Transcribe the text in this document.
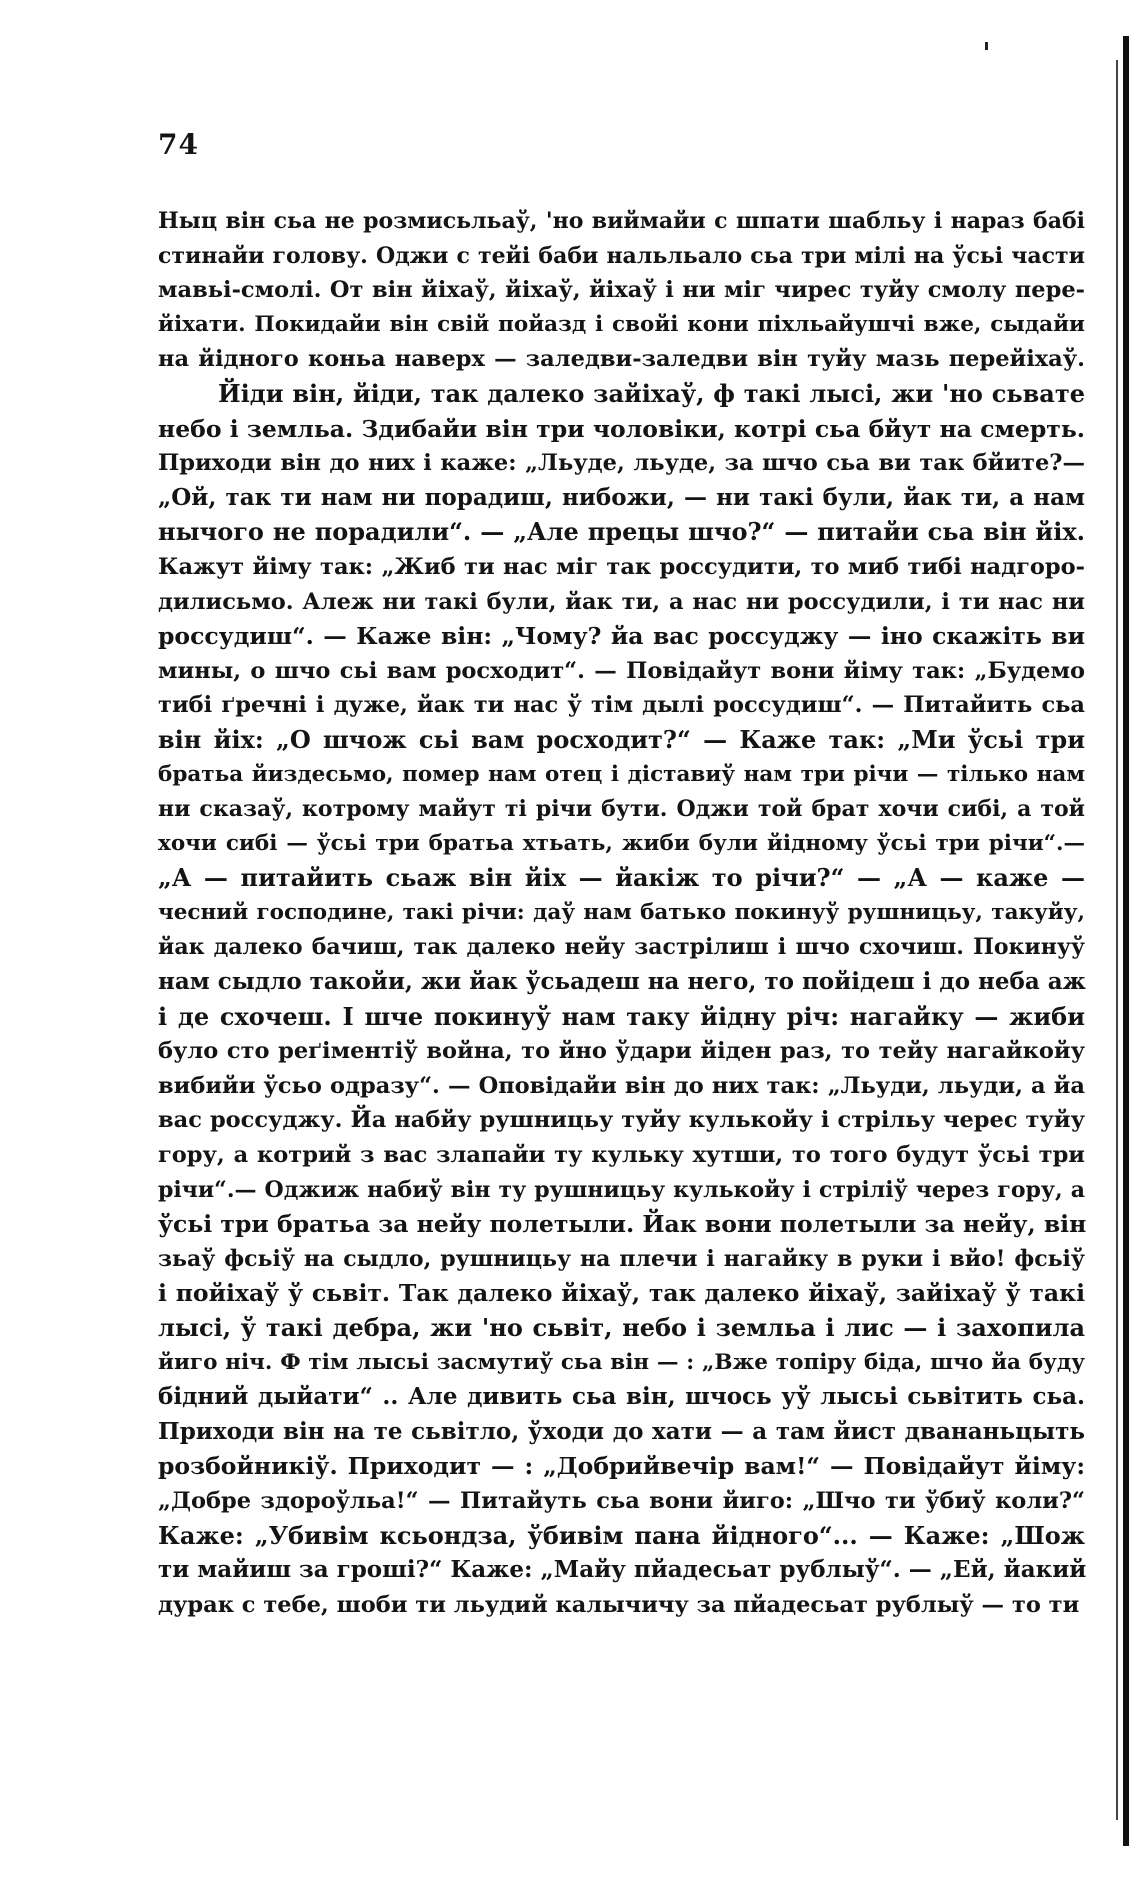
74
Ныц він сьа не розмисьльаў, 'но виймайи с шпати шабльу і нараз бабі
стинайи голову. Оджи с тейі баби нальльало сьа три мілі на ўсьі части
мавьі-смолі. От він йіхаў, йіхаў, йіхаў і ни міг чирес туйу смолу пере-
йіхати. Покидайи він свій пойазд і свойі кони піхльайушчі вже, сыдайи
на йідного коньа наверх — заледви-заледви він туйу мазь перейіхаў.
Йіди він, йіди, так далеко зайіхаў, ф такі лысі, жи 'но сьвате
небо і земльа. Здибайи він три чоловіки, котрі сьа бйут на смерть.
Приходи він до них і каже: „Льуде, льуде, за шчо сьа ви так бйите?—
„Ой, так ти нам ни порадиш, нибожи, — ни такі були, йак ти, а нам
нычого не порадили“. — „Але прецы шчо?“ — питайи сьа він йіх.
Кажут йіму так: „Жиб ти нас міг так россудити, то миб тибі надгоро-
дилисьмо. Алеж ни такі були, йак ти, а нас ни россудили, і ти нас ни
россудиш“. — Каже він: „Чому? йа вас россуджу — іно скажіть ви
мины, о шчо сьі вам роcходит“. — Повідайут вони йіму так: „Будемо
тибі ґречні і дуже, йак ти нас ў тім дылі россудиш“. — Питайить сьа
він йіх: „О шчож сьі вам роcходит?“ — Каже так: „Ми ўсьі три
братьа йиздесьмо, помер нам отец і діставиў нам три річи — тілько нам
ни сказаў, котрому майут ті річи бути. Оджи той брат хочи сибі, а той
хочи сибі — ўсьі три братьа хтьать, жиби були йідному ўсьі три річи“.—
„А — питайить сьаж він йіх — йакіж то річи?“ — „А — каже —
чесний господине, такі річи: даў нам батько покинуў рушницьу, такуйу,
йак далеко бачиш, так далеко нейу застрілиш і шчо схочиш. Покинуў
нам сыдло такойи, жи йак ўсьадеш на него, то пойідеш і до неба аж
і де схочеш. І шче покинуў нам таку йідну річ: нагайку — жиби
було сто реґіментіў война, то йно ўдари йіден раз, то тейу нагайкойу
вибийи ўсьо одразу“. — Оповідайи він до них так: „Льуди, льуди, а йа
вас россуджу. Йа набйу рушницьу туйу кулькойу і стрільу черес туйу
гору, а котрий з вас злапайи ту кульку хутши, то того будут ўсьі три
річи“.— Оджиж набиў він ту рушницьу кулькойу і стріліў через гору, а
ўсьі три братьа за нейу полетыли. Йак вони полетыли за нейу, він
зьаў фсьіў на сыдло, рушницьу на плечи і нагайку в руки і вйо! фсьіў
і пойіхаў ў сьвіт. Так далеко йіхаў, так далеко йіхаў, зайіхаў ў такі
лысі, ў такі дебра, жи 'но сьвіт, небо і земльа і лис — і захопила
йиго ніч. Ф тім лысьі засмутиў сьа він — : „Вже топіру біда, шчо йа буду
бідний дыйати“ .. Але дивить сьа він, шчось уў лысьі сьвітить сьа.
Приходи він на те сьвітло, ўходи до хати — а там йист двананьцыть
розбойникіў. Приходит — : „Добрийвечір вам!“ — Повідайут йіму:
„Добре здороўльа!“ — Питайуть сьа вони йиго: „Шчо ти ўбиў коли?“
Каже: „Убивім ксьондза, ўбивім пана йідного“... — Каже: „Шож
ти майиш за гроші?“ Каже: „Майу пйадесьат рублыў“. — „Ей, йакий
дурак с тебе, шоби ти льудий калычичу за пйадесьат рублыў — то ти
